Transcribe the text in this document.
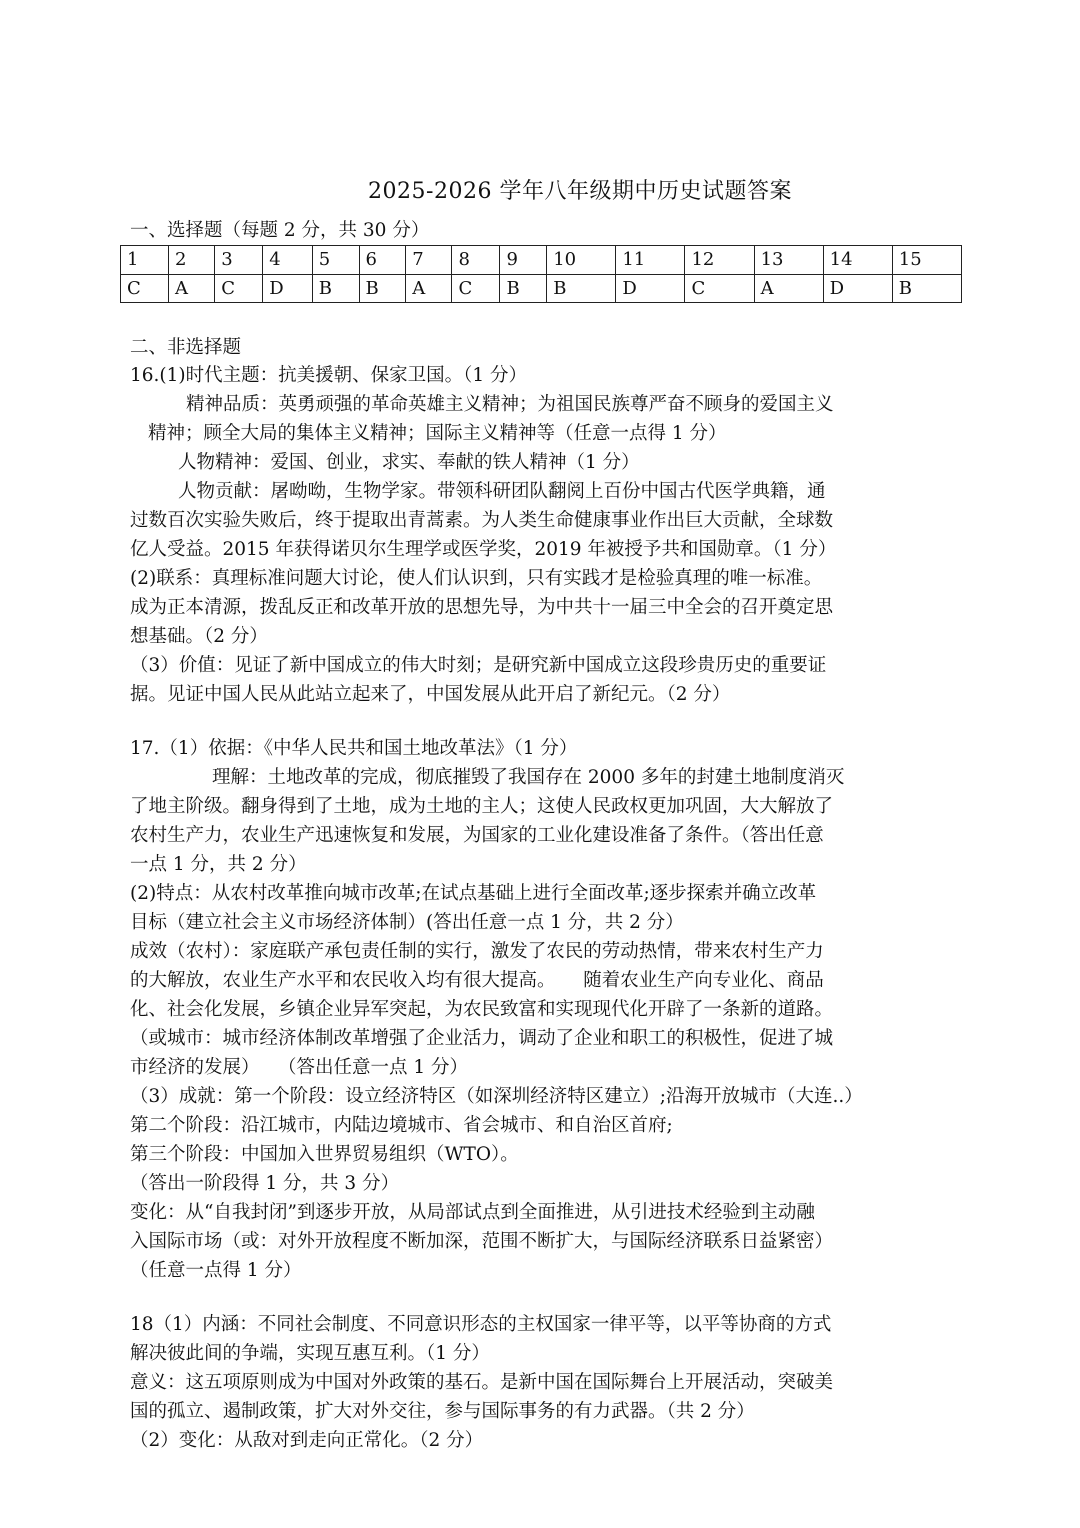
2025-2026 学年八年级期中历史试题答案
一、选择题（每题 2 分，共 30 分）
1	2	3	4	5	6	7	8	9	10	11	12	13	14	15
C	A	C	D	B	B	A	C	B	B	D	C	A	D	B
二、非选择题
16.(1)时代主题：抗美援朝、保家卫国。（1 分）
精神品质：英勇顽强的革命英雄主义精神；为祖国民族尊严奋不顾身的爱国主义
精神；顾全大局的集体主义精神；国际主义精神等（任意一点得 1 分）
人物精神：爱国、创业，求实、奉献的铁人精神（1 分）
人物贡献：屠呦呦，生物学家。带领科研团队翻阅上百份中国古代医学典籍，通
过数百次实验失败后，终于提取出青蒿素。为人类生命健康事业作出巨大贡献，全球数
亿人受益。2015 年获得诺贝尔生理学或医学奖，2019 年被授予共和国勋章。（1 分）
(2)联系：真理标准问题大讨论，使人们认识到，只有实践才是检验真理的唯一标准。
成为正本清源，拨乱反正和改革开放的思想先导，为中共十一届三中全会的召开奠定思
想基础。（2 分）
（3）价值：见证了新中国成立的伟大时刻；是研究新中国成立这段珍贵历史的重要证
据。见证中国人民从此站立起来了，中国发展从此开启了新纪元。（2 分）
17.（1）依据：《中华人民共和国土地改革法》（1 分）
理解：土地改革的完成，彻底摧毁了我国存在 2000 多年的封建土地制度消灭
了地主阶级。翻身得到了土地，成为土地的主人；这使人民政权更加巩固，大大解放了
农村生产力，农业生产迅速恢复和发展，为国家的工业化建设准备了条件。（答出任意
一点 1 分，共 2 分）
(2)特点：从农村改革推向城市改革;在试点基础上进行全面改革;逐步探索并确立改革
目标（建立社会主义市场经济体制）(答出任意一点 1 分，共 2 分）
成效（农村）：家庭联产承包责任制的实行，激发了农民的劳动热情，带来农村生产力
的大解放，农业生产水平和农民收入均有很大提高。　　随着农业生产向专业化、商品
化、社会化发展，乡镇企业异军突起，为农民致富和实现现代化开辟了一条新的道路。
（或城市：城市经济体制改革增强了企业活力，调动了企业和职工的积极性，促进了城
市经济的发展）　　（答出任意一点 1 分）
（3）成就：第一个阶段：设立经济特区（如深圳经济特区建立）;沿海开放城市（大连..）
第二个阶段：沿江城市，内陆边境城市、省会城市、和自治区首府;
第三个阶段：中国加入世界贸易组织（WTO）。
（答出一阶段得 1 分，共 3 分）
变化：从“自我封闭”到逐步开放，从局部试点到全面推进，从引进技术经验到主动融
入国际市场（或：对外开放程度不断加深，范围不断扩大，与国际经济联系日益紧密）
（任意一点得 1 分）
18（1）内涵：不同社会制度、不同意识形态的主权国家一律平等，以平等协商的方式
解决彼此间的争端，实现互惠互利。（1 分）
意义：这五项原则成为中国对外政策的基石。是新中国在国际舞台上开展活动，突破美
国的孤立、遏制政策，扩大对外交往，参与国际事务的有力武器。（共 2 分）
（2）变化：从敌对到走向正常化。（2 分）
